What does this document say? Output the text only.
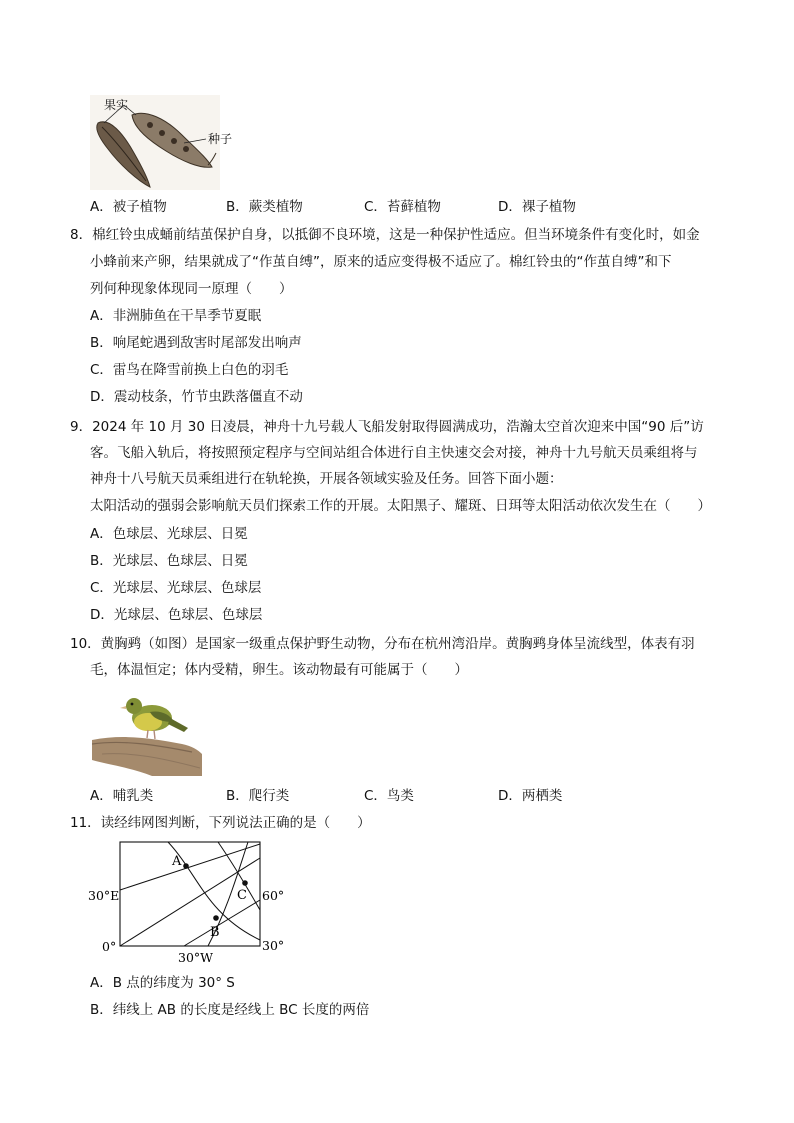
果实
种子
A．被子植物	B．蕨类植物	C．苔藓植物	D．裸子植物
8．棉红铃虫成蛹前结茧保护自身，以抵御不良环境，这是一种保护性适应。但当环境条件有变化时，如金
小蜂前来产卵，结果就成了“作茧自缚”，原来的适应变得极不适应了。棉红铃虫的“作茧自缚”和下
列何种现象体现同一原理（　　）
A．非洲肺鱼在干旱季节夏眠
B．响尾蛇遇到敌害时尾部发出响声
C．雷鸟在降雪前换上白色的羽毛
D．震动枝条，竹节虫跌落僵直不动
9．2024 年 10 月 30 日凌晨，神舟十九号载人飞船发射取得圆满成功，浩瀚太空首次迎来中国“90 后”访
客。飞船入轨后，将按照预定程序与空间站组合体进行自主快速交会对接，神舟十九号航天员乘组将与
神舟十八号航天员乘组进行在轨轮换，开展各领域实验及任务。回答下面小题：
太阳活动的强弱会影响航天员们探索工作的开展。太阳黑子、耀斑、日珥等太阳活动依次发生在（　　）
A．色球层、光球层、日冕
B．光球层、色球层、日冕
C．光球层、光球层、色球层
D．光球层、色球层、色球层
10．黄胸鹀（如图）是国家一级重点保护野生动物，分布在杭州湾沿岸。黄胸鹀身体呈流线型，体表有羽
毛，体温恒定；体内受精，卵生。该动物最有可能属于（　　）
A．哺乳类	B．爬行类	C．鸟类	D．两栖类
11．读经纬网图判断，下列说法正确的是（　　）
A
B
C
30°E
0°
30°W
30°
60°
A．B 点的纬度为 30° S
B．纬线上 AB 的长度是经线上 BC 长度的两倍
